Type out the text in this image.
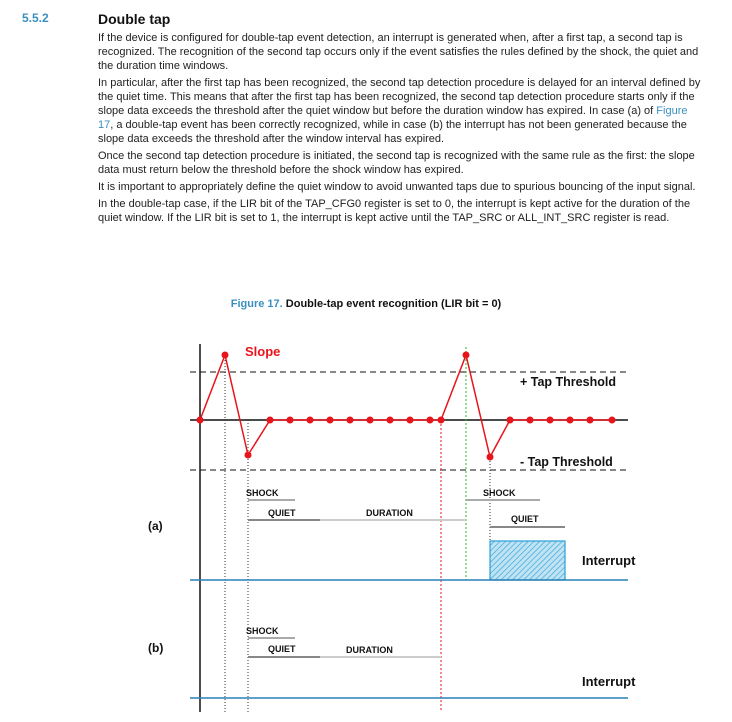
5.5.2	Double tap

If the device is configured for double-tap event detection, an interrupt is generated when, after a first tap, a second tap is recognized. The recognition of the second tap occurs only if the event satisfies the rules defined by the shock, the quiet and the duration time windows.

In particular, after the first tap has been recognized, the second tap detection procedure is delayed for an interval defined by the quiet time. This means that after the first tap has been recognized, the second tap detection procedure starts only if the slope data exceeds the threshold after the quiet window but before the duration window has expired. In case (a) of Figure 17, a double-tap event has been correctly recognized, while in case (b) the interrupt has not been generated because the slope data exceeds the threshold after the window interval has expired.

Once the second tap detection procedure is initiated, the second tap is recognized with the same rule as the first: the slope data must return below the threshold before the shock window has expired.

It is important to appropriately define the quiet window to avoid unwanted taps due to spurious bouncing of the input signal.

In the double-tap case, if the LIR bit of the TAP_CFG0 register is set to 0, the interrupt is kept active for the duration of the quiet window. If the LIR bit is set to 1, the interrupt is kept active until the TAP_SRC or ALL_INT_SRC register is read.

Figure 17. Double-tap event recognition (LIR bit = 0)
Slope
+ Tap Threshold
- Tap Threshold
(a)
SHOCK
QUIET	DURATION
SHOCK
QUIET
Interrupt
(b)
SHOCK
QUIET	DURATION
Interrupt
